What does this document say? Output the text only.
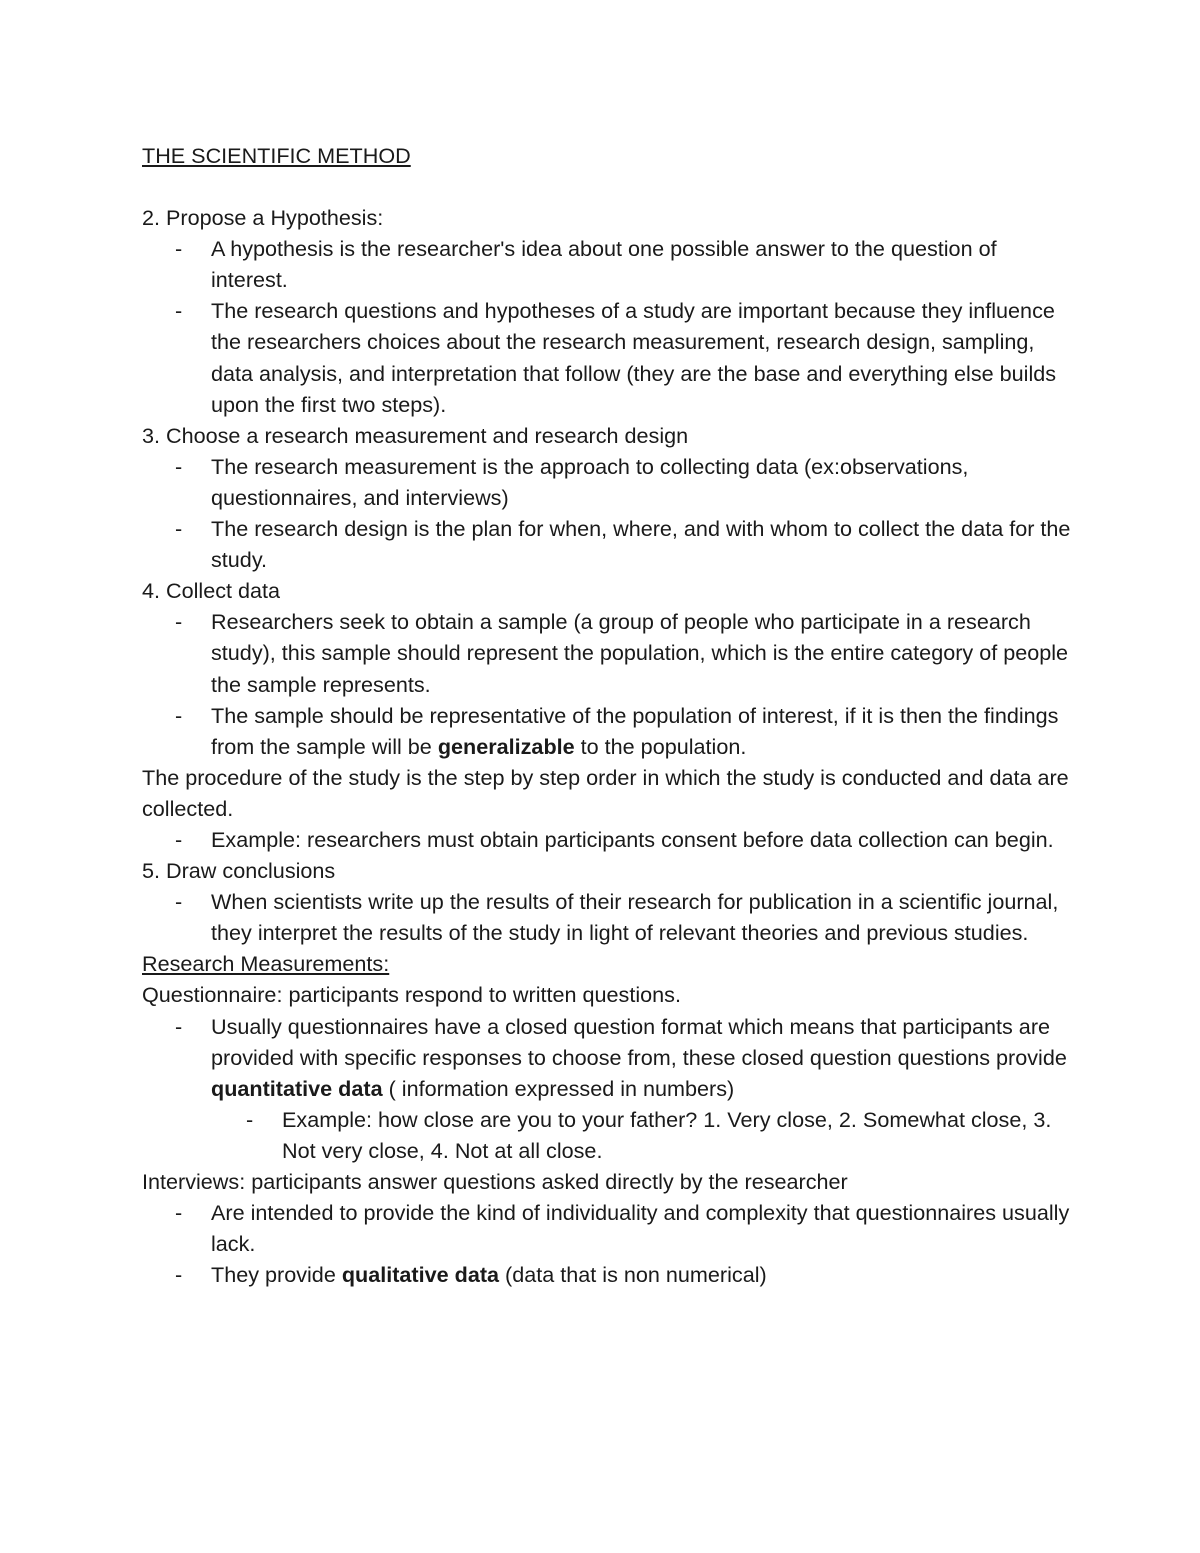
THE SCIENTIFIC METHOD

2. Propose a Hypothesis:

- A hypothesis is the researcher's idea about one possible answer to the question of interest.
- The research questions and hypotheses of a study are important because they influence the researchers choices about the research measurement, research design, sampling, data analysis, and interpretation that follow (they are the base and everything else builds upon the first two steps).

3. Choose a research measurement and research design

- The research measurement is the approach to collecting data (ex:observations, questionnaires, and interviews)
- The research design is the plan for when, where, and with whom to collect the data for the study.

4. Collect data

- Researchers seek to obtain a sample (a group of people who participate in a research study), this sample should represent the population, which is the entire category of people the sample represents.
- The sample should be representative of the population of interest, if it is then the findings from the sample will be generalizable to the population.

The procedure of the study is the step by step order in which the study is conducted and data are collected.

- Example: researchers must obtain participants consent before data collection can begin.

5. Draw conclusions

- When scientists write up the results of their research for publication in a scientific journal, they interpret the results of the study in light of relevant theories and previous studies.

Research Measurements:

Questionnaire: participants respond to written questions.

- Usually questionnaires have a closed question format which means that participants are provided with specific responses to choose from, these closed question questions provide quantitative data ( information expressed in numbers)
- Example: how close are you to your father? 1. Very close, 2. Somewhat close, 3. Not very close, 4. Not at all close.

Interviews: participants answer questions asked directly by the researcher

- Are intended to provide the kind of individuality and complexity that questionnaires usually lack.
- They provide qualitative data (data that is non numerical)
